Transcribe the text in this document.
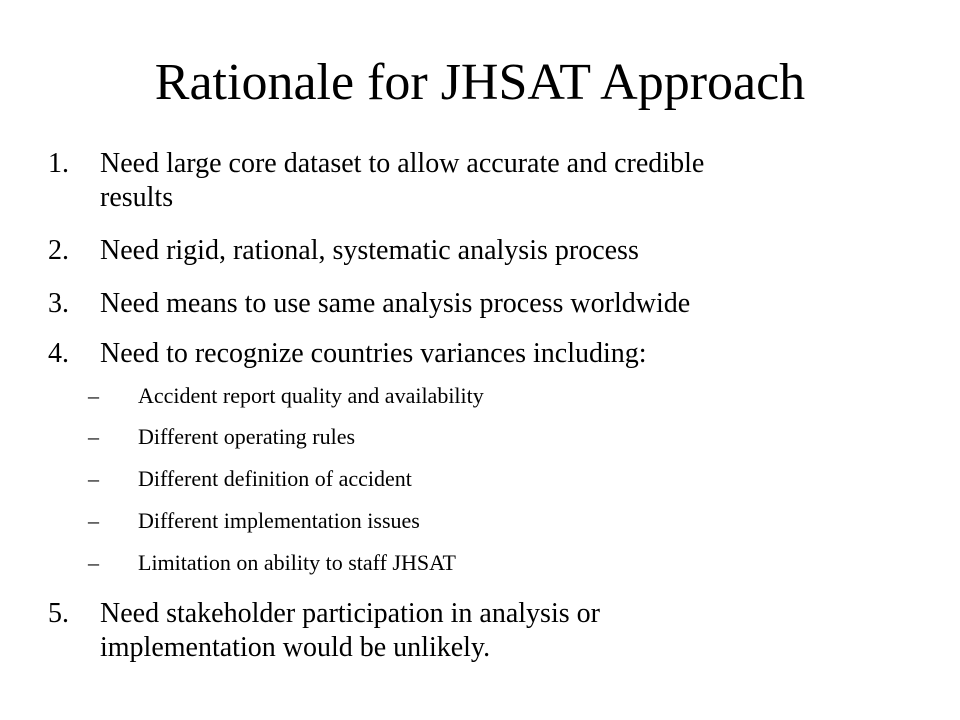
Rationale for JHSAT Approach
1.	Need large core dataset to allow accurate and credible results
2.	Need rigid, rational, systematic analysis process
3.	Need means to use same analysis process worldwide
4.	Need to recognize countries variances including:
–	Accident report quality and availability
–	Different operating rules
–	Different definition of accident
–	Different implementation issues
–	Limitation on ability to staff JHSAT
5.	Need stakeholder participation in analysis or implementation would be unlikely.
